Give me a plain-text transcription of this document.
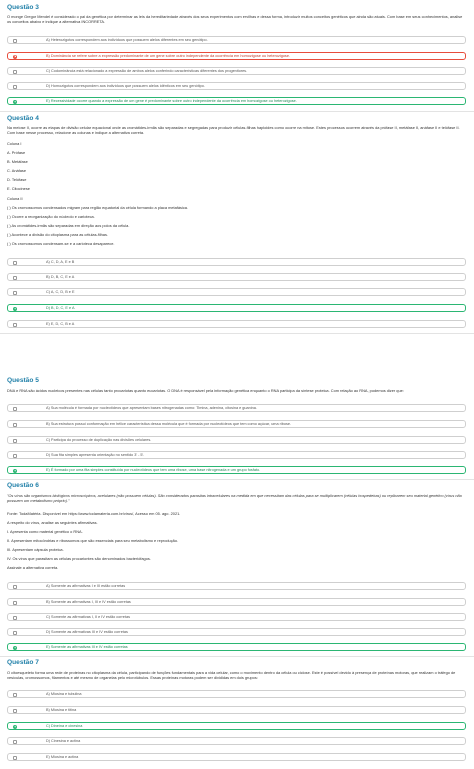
Questão 3
O monge Gregor Mendel é considerado o pai da genética por determinar as leis da hereditariedade através dos seus experimentos com ervilhas e dessa forma, introduzir muitos conceitos genéticos que ainda são atuais. Com base em seus conhecimentos, analise os conceitos abaixo e indique a alternativa INCORRETA.
A) Heterozigotos correspondem aos indivíduos que possuem alelos diferentes em seu genótipo.
B) Dominância se refere sobre a expressão predominante de um gene sobre outro independente da ocorrência em homozigose ou heterozigose.
C) Codominância está relacionado a expressão de ambos alelos conferindo características diferentes dos progenitores.
D) Homozigotos correspondem aos indivíduos que possuem alelos idênticos em seu genótipo.
E) Recessividade ocorre quando a expressão de um gene é predominante sobre outro independente da ocorrência em homozigose ou heterozigose.
Questão 4
Na meiose II, ocorre as etapas de divisão celular equacional onde as cromátides-irmãs são separadas e segregadas para produzir células-filhas haploides como ocorre na mitose. Estes processos ocorrem através da prófase II, metáfase II, anáfase II e telófase II. Com base nesse processo, relacione as colunas e indique a alternativa correta.
Coluna I
A. Prófase
B. Metáfase
C. Anáfase
D. Telófase
E. Citocinese
Coluna II
( ) Os cromossomos condensados migram para região equatorial da célula formando a placa metafásica.
( ) Ocorre a reorganização do núcleolo e carioteca.
( ) As cromátides-irmãs são separadas em direção aos polos da célula.
( ) Acontece a divisão do citoplasma para as células-filhas.
( ) Os cromossomos condensam-se e a carioteca desaparece.
A) C, D, A, E e B
B) D, B, C, E e A
C) A, C, D, B e E
D) B, D, C, E e A
E) E, D, C, B e A
Questão 5
DNA e RNA são ácidos nucleicos presentes nas células tanto procariotas quanto eucariotas. O DNA é responsável pela informação genética enquanto o RNA participa da síntese proteica. Com relação ao RNA, podemos dizer que:
A) Sua molécula é formada por nucleotídeos que apresentam bases nitrogenadas como: Timina, adenina, citosina e guanina.
B) Sua estrutura possui conformação em hélice característica dessa molécula que é formada por nucleotídeos que tem como açúcar, uma ribose.
C) Participa do processo de duplicação nas divisões celulares.
D) Sua fita simples apresenta orientação no sentido 3' - 5'.
E) É formado por uma fita simples constituída por nucleotídeos que tem uma ribose, uma base nitrogenada e um grupo fosfato.
Questão 6
"Os vírus são organismos biológicos microscópicos, acelulares (não possuem células). São considerados parasitas intracelulares na medida em que necessitam das células para se multiplicarem (células hospedeiras) ou replicarem seu material genético (vírus não possuem um metabolismo próprio)."
Fonte: TodaMatéria. Disponível em https://www.todamateria.com.br/virus/, Acesso em 05. ago. 2021.
A respeito do vírus, analise as seguintes afirmativas.
I. Apresenta como material genético o RNA.
II. Apresentam mitocôndrias e ribossomos que são essenciais para seu metabolismo e reprodução.
III. Apresentam cápsula proteica.
IV. Os vírus que parasitam as células procariontes são denominados bacteriófagos.
Assinale a alternativa correta.
A) Somente as afirmativas I e III estão corretas
B) Somente as afirmativas I, III e IV estão corretas
C) Somente as afirmativas I, II e IV estão corretas
D) Somente as afirmativas III e IV estão corretas
E) Somente as afirmativas III e IV estão corretas
Questão 7
O citoesqueleto forma uma rede de proteínas no citoplasma da célula, participando de funções fundamentais para a vida celular, como o movimento dentro da célula ou ciclose. Este é possível devido à presença de proteínas motoras, que realizam o tráfego de vesículas, cromossomos, filamentos e até mesmo de organelas pelo microtúbulos. Essas proteínas motoras podem ser divididas em dois grupos:
A) Miosina e tubulina
B) Miosina e titina
C) Dineína e cinesina
D) Cinesina e actina
E) Miosina e actina
